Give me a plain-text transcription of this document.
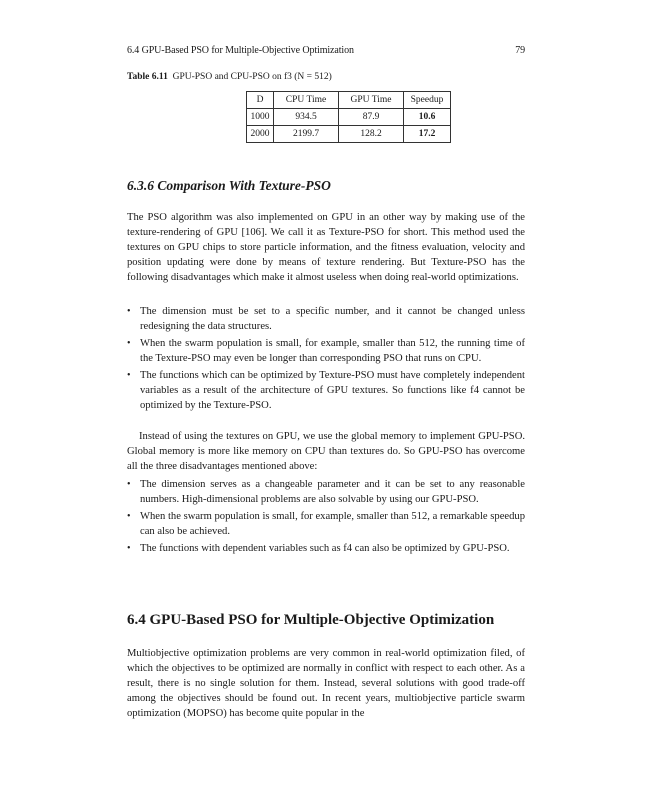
6.4 GPU-Based PSO for Multiple-Objective Optimization	79
Table 6.11 GPU-PSO and CPU-PSO on f3 (N = 512)
D	CPU Time	GPU Time	Speedup
1000	934.5	87.9	10.6
2000	2199.7	128.2	17.2
6.3.6 Comparison With Texture-PSO

The PSO algorithm was also implemented on GPU in an other way by making use of the texture-rendering of GPU [106]. We call it as Texture-PSO for short. This method used the textures on GPU chips to store particle information, and the fitness evaluation, velocity and position updating were done by means of texture rendering. But Texture-PSO has the following disadvantages which make it almost useless when doing real-world optimizations.

• The dimension must be set to a specific number, and it cannot be changed unless redesigning the data structures.
• When the swarm population is small, for example, smaller than 512, the running time of the Texture-PSO may even be longer than corresponding PSO that runs on CPU.
• The functions which can be optimized by Texture-PSO must have completely independent variables as a result of the architecture of GPU textures. So functions like f4 cannot be optimized by the Texture-PSO.

Instead of using the textures on GPU, we use the global memory to implement GPU-PSO. Global memory is more like memory on CPU than textures do. So GPU-PSO has overcome all the three disadvantages mentioned above:

• The dimension serves as a changeable parameter and it can be set to any reasonable numbers. High-dimensional problems are also solvable by using our GPU-PSO.
• When the swarm population is small, for example, smaller than 512, a remarkable speedup can also be achieved.
• The functions with dependent variables such as f4 can also be optimized by GPU-PSO.
6.4 GPU-Based PSO for Multiple-Objective Optimization

Multiobjective optimization problems are very common in real-world optimization filed, of which the objectives to be optimized are normally in conflict with respect to each other. As a result, there is no single solution for them. Instead, several solutions with good trade-off among the objectives should be found out. In recent years, multiobjective particle swarm optimization (MOPSO) has become quite popular in the
